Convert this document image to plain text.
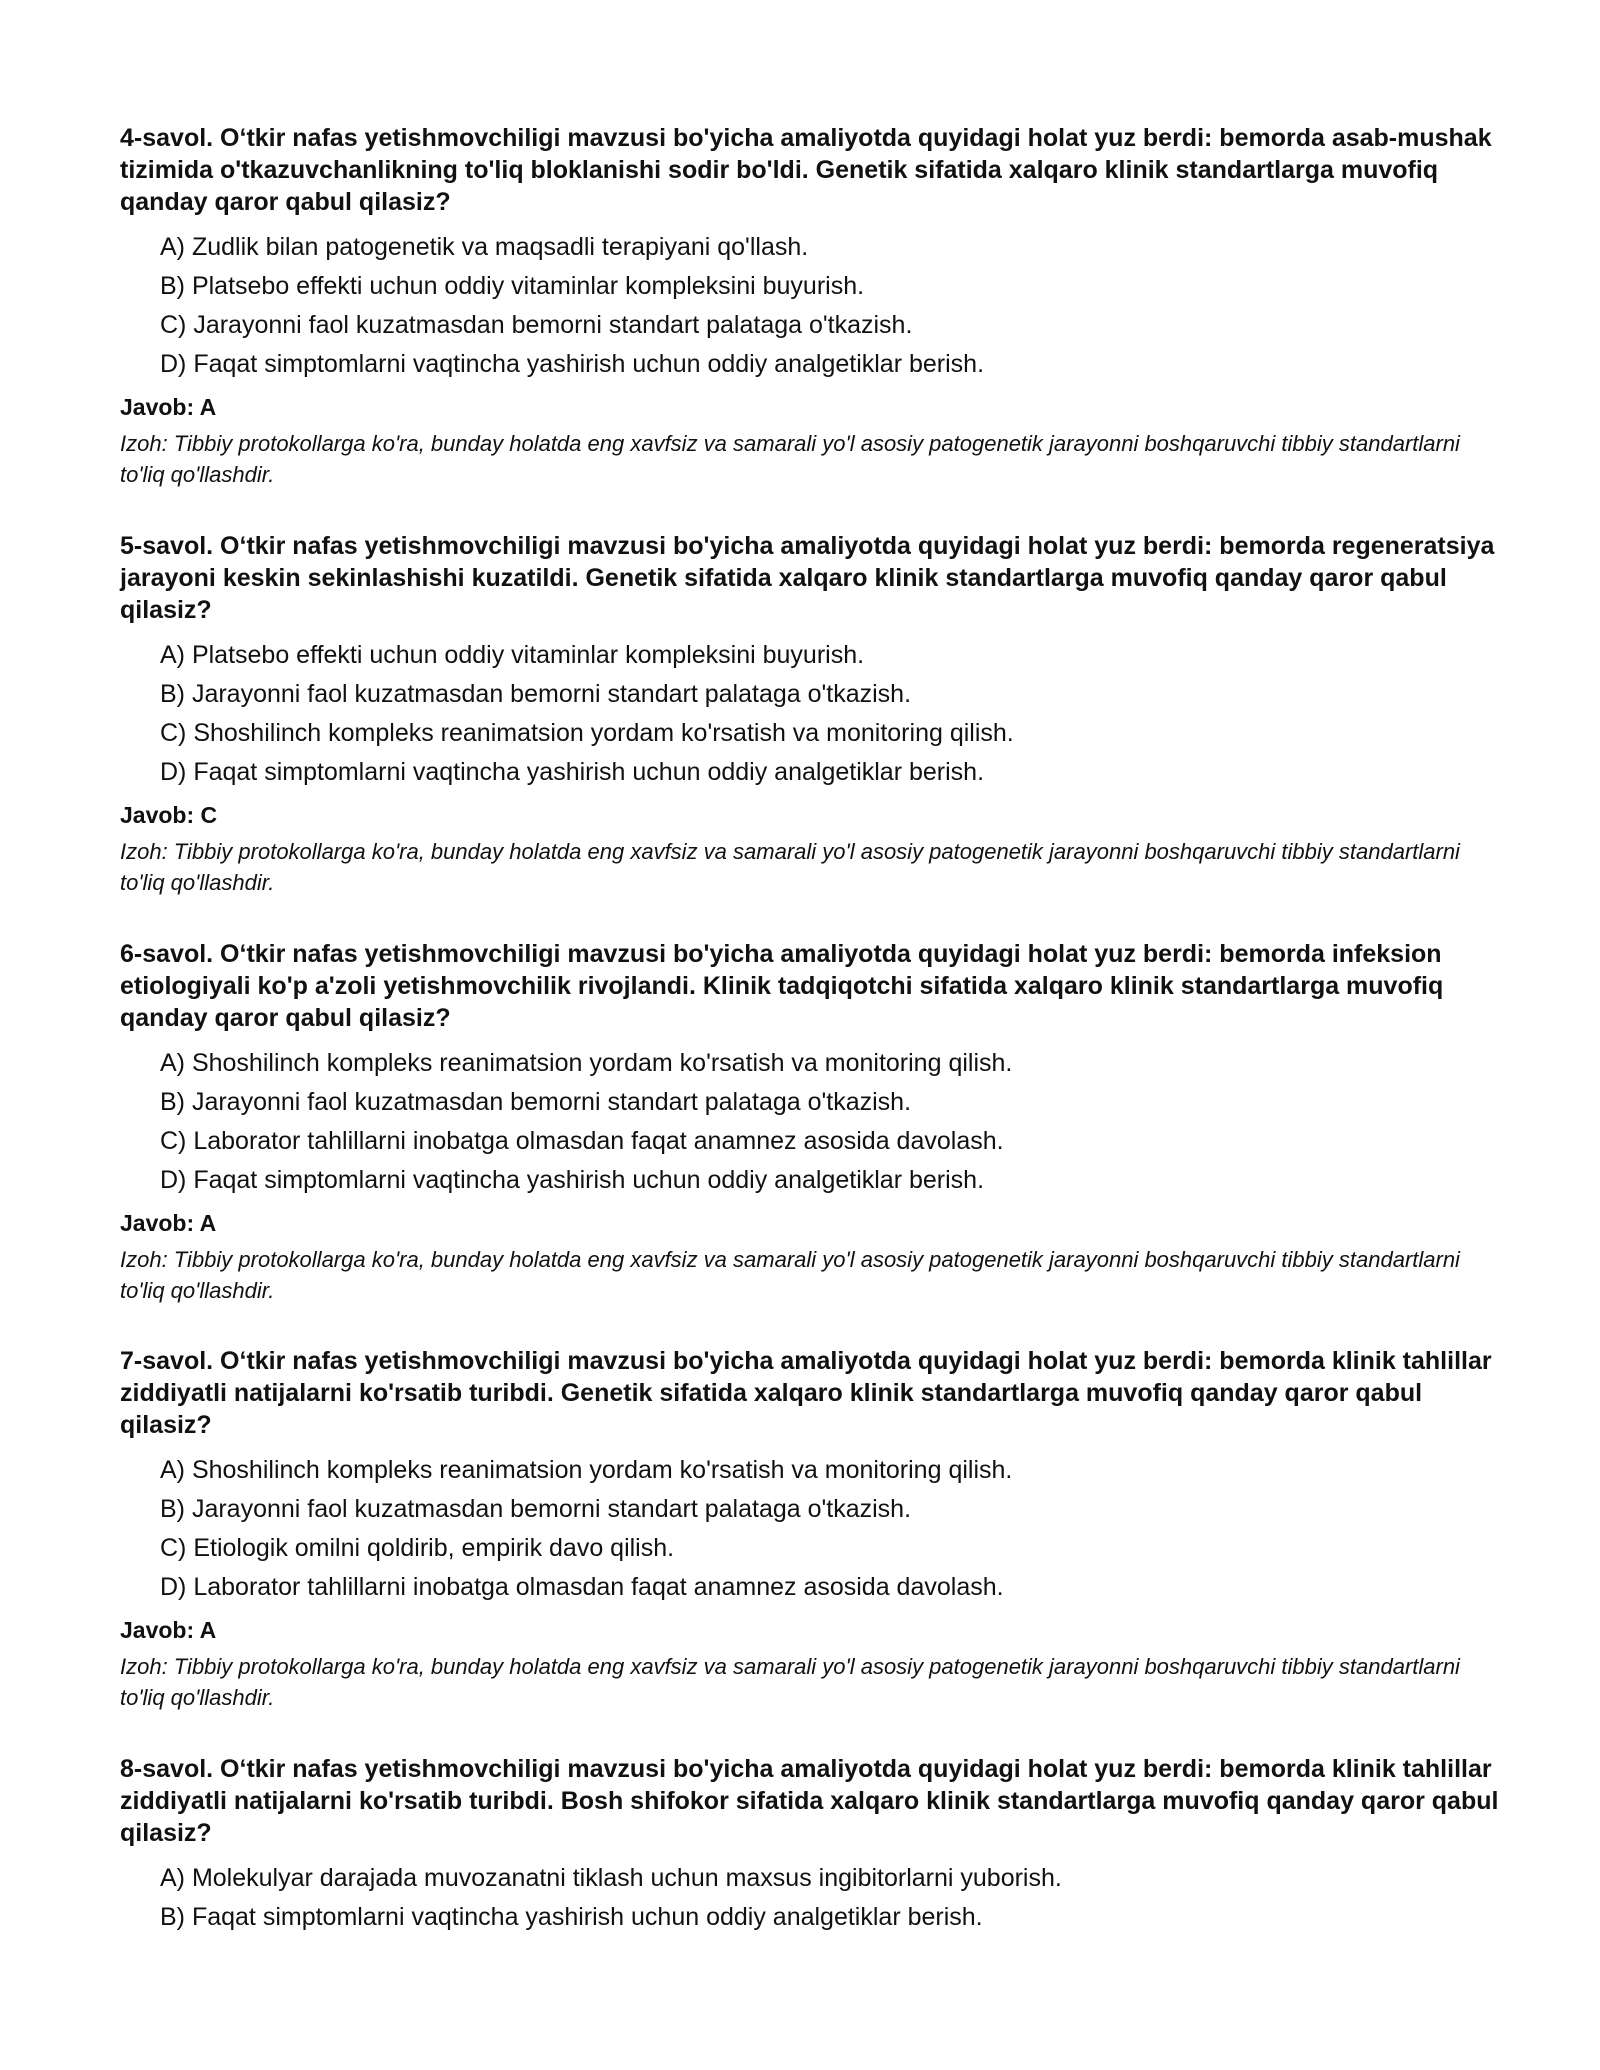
4-savol. O‘tkir nafas yetishmovchiligi mavzusi bo'yicha amaliyotda quyidagi holat yuz berdi: bemorda asab-mushak tizimida o'tkazuvchanlikning to'liq bloklanishi sodir bo'ldi. Genetik sifatida xalqaro klinik standartlarga muvofiq qanday qaror qabul qilasiz?

A) Zudlik bilan patogenetik va maqsadli terapiyani qo'llash.
B) Platsebo effekti uchun oddiy vitaminlar kompleksini buyurish.
C) Jarayonni faol kuzatmasdan bemorni standart palataga o'tkazish.
D) Faqat simptomlarni vaqtincha yashirish uchun oddiy analgetiklar berish.
Javob: A
Izoh: Tibbiy protokollarga ko'ra, bunday holatda eng xavfsiz va samarali yo'l asosiy patogenetik jarayonni boshqaruvchi tibbiy standartlarni to'liq qo'llashdir.

5-savol. O‘tkir nafas yetishmovchiligi mavzusi bo'yicha amaliyotda quyidagi holat yuz berdi: bemorda regeneratsiya jarayoni keskin sekinlashishi kuzatildi. Genetik sifatida xalqaro klinik standartlarga muvofiq qanday qaror qabul qilasiz?

A) Platsebo effekti uchun oddiy vitaminlar kompleksini buyurish.
B) Jarayonni faol kuzatmasdan bemorni standart palataga o'tkazish.
C) Shoshilinch kompleks reanimatsion yordam ko'rsatish va monitoring qilish.
D) Faqat simptomlarni vaqtincha yashirish uchun oddiy analgetiklar berish.
Javob: C
Izoh: Tibbiy protokollarga ko'ra, bunday holatda eng xavfsiz va samarali yo'l asosiy patogenetik jarayonni boshqaruvchi tibbiy standartlarni to'liq qo'llashdir.

6-savol. O‘tkir nafas yetishmovchiligi mavzusi bo'yicha amaliyotda quyidagi holat yuz berdi: bemorda infeksion etiologiyali ko'p a'zoli yetishmovchilik rivojlandi. Klinik tadqiqotchi sifatida xalqaro klinik standartlarga muvofiq qanday qaror qabul qilasiz?

A) Shoshilinch kompleks reanimatsion yordam ko'rsatish va monitoring qilish.
B) Jarayonni faol kuzatmasdan bemorni standart palataga o'tkazish.
C) Laborator tahlillarni inobatga olmasdan faqat anamnez asosida davolash.
D) Faqat simptomlarni vaqtincha yashirish uchun oddiy analgetiklar berish.
Javob: A
Izoh: Tibbiy protokollarga ko'ra, bunday holatda eng xavfsiz va samarali yo'l asosiy patogenetik jarayonni boshqaruvchi tibbiy standartlarni to'liq qo'llashdir.

7-savol. O‘tkir nafas yetishmovchiligi mavzusi bo'yicha amaliyotda quyidagi holat yuz berdi: bemorda klinik tahlillar ziddiyatli natijalarni ko'rsatib turibdi. Genetik sifatida xalqaro klinik standartlarga muvofiq qanday qaror qabul qilasiz?

A) Shoshilinch kompleks reanimatsion yordam ko'rsatish va monitoring qilish.
B) Jarayonni faol kuzatmasdan bemorni standart palataga o'tkazish.
C) Etiologik omilni qoldirib, empirik davo qilish.
D) Laborator tahlillarni inobatga olmasdan faqat anamnez asosida davolash.
Javob: A
Izoh: Tibbiy protokollarga ko'ra, bunday holatda eng xavfsiz va samarali yo'l asosiy patogenetik jarayonni boshqaruvchi tibbiy standartlarni to'liq qo'llashdir.

8-savol. O‘tkir nafas yetishmovchiligi mavzusi bo'yicha amaliyotda quyidagi holat yuz berdi: bemorda klinik tahlillar ziddiyatli natijalarni ko'rsatib turibdi. Bosh shifokor sifatida xalqaro klinik standartlarga muvofiq qanday qaror qabul qilasiz?

A) Molekulyar darajada muvozanatni tiklash uchun maxsus ingibitorlarni yuborish.
B) Faqat simptomlarni vaqtincha yashirish uchun oddiy analgetiklar berish.
